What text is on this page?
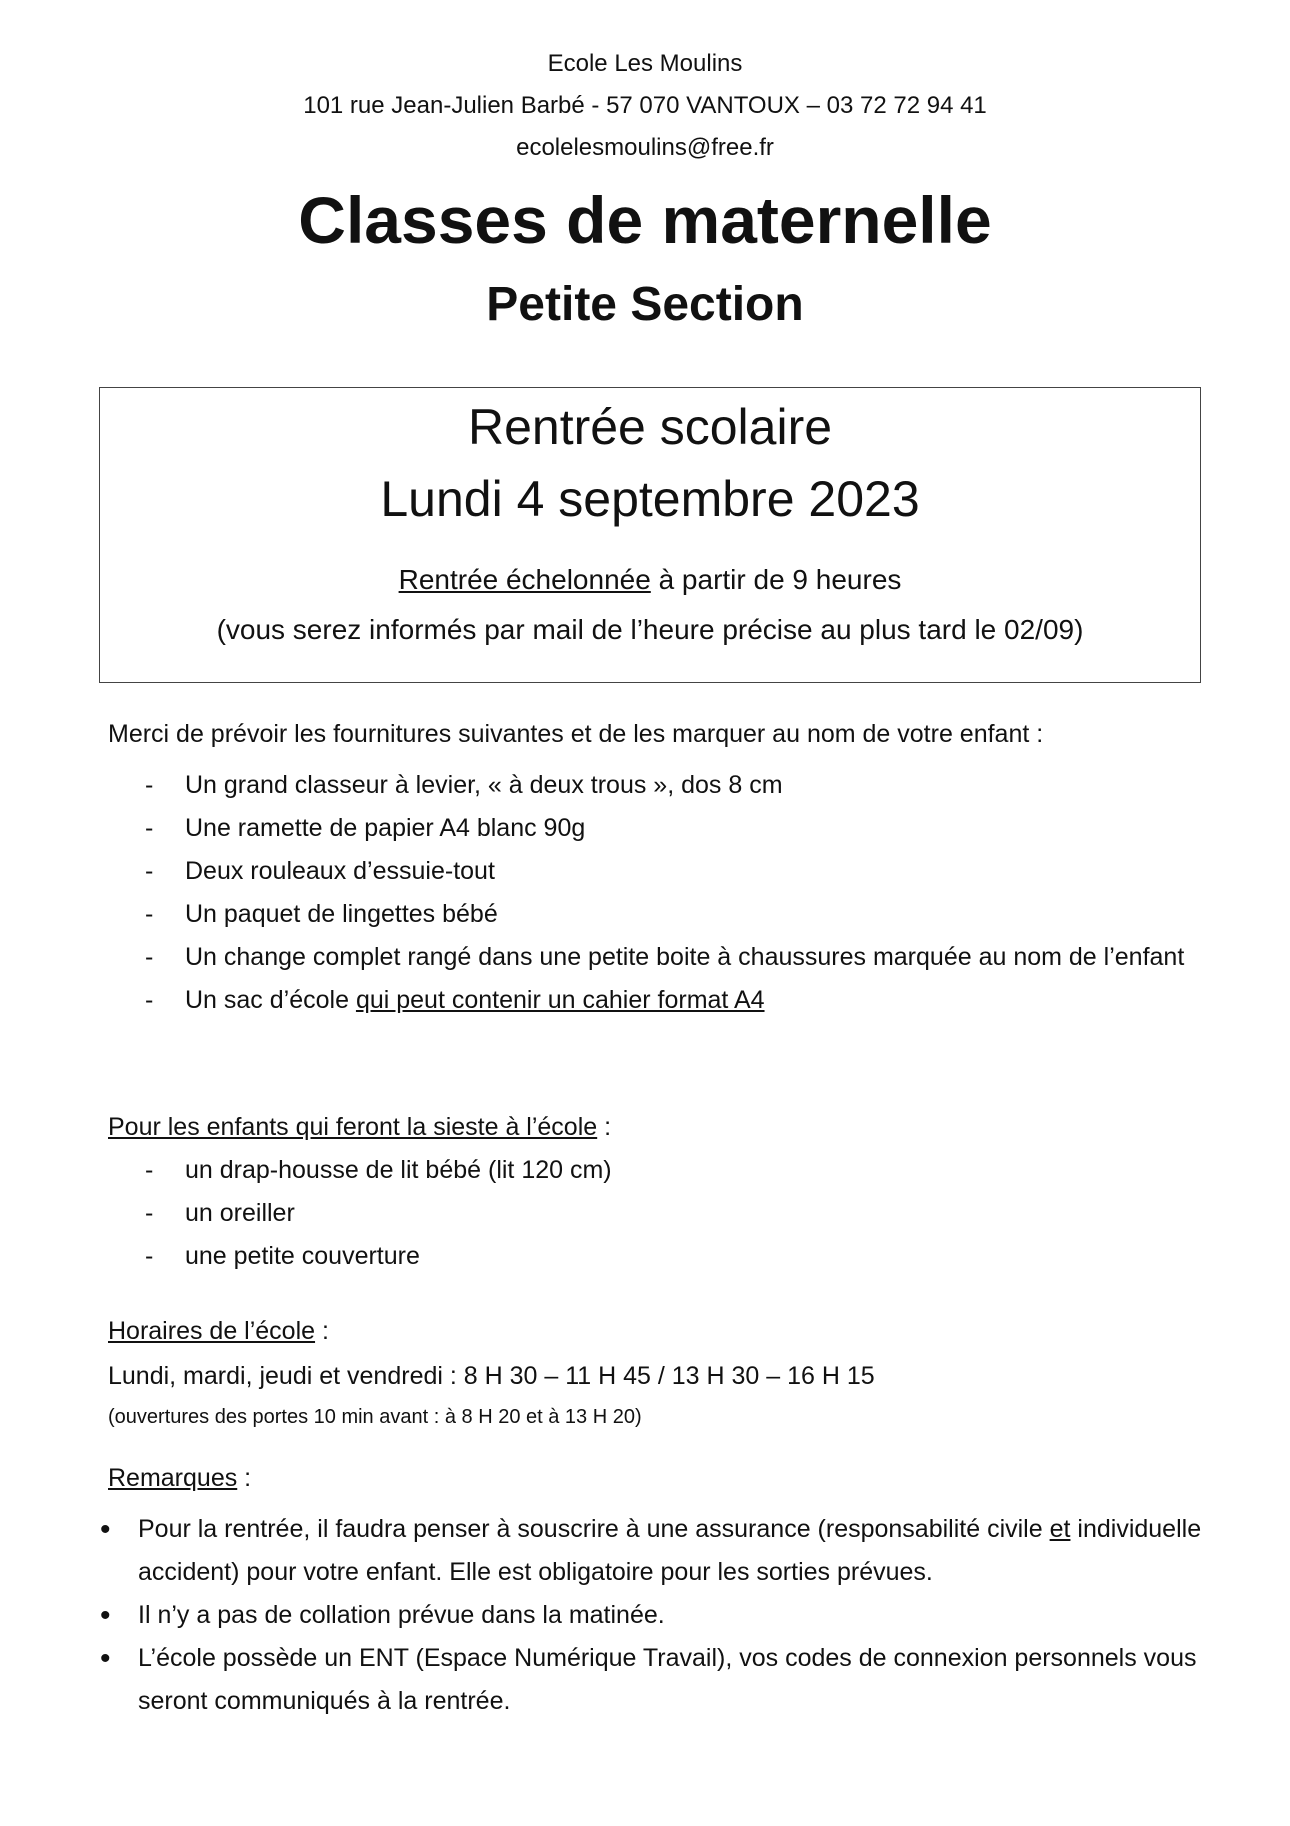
Ecole Les Moulins
101 rue Jean-Julien Barbé - 57 070 VANTOUX – 03 72 72 94 41
ecolelesmoulins@free.fr
Classes de maternelle
Petite Section
Rentrée scolaire
Lundi 4 septembre 2023
Rentrée échelonnée à partir de 9 heures
(vous serez informés par mail de l’heure précise au plus tard le 02/09)
Merci de prévoir les fournitures suivantes et de les marquer au nom de votre enfant :
- Un grand classeur à levier, « à deux trous », dos 8 cm
- Une ramette de papier A4 blanc 90g
- Deux rouleaux d’essuie-tout
- Un paquet de lingettes bébé
- Un change complet rangé dans une petite boite à chaussures marquée au nom de l’enfant
- Un sac d’école qui peut contenir un cahier format A4
Pour les enfants qui feront la sieste à l’école :
- un drap-housse de lit bébé (lit 120 cm)
- un oreiller
- une petite couverture
Horaires de l’école :
Lundi, mardi, jeudi et vendredi : 8 H 30 – 11 H 45 / 13 H 30 – 16 H 15
(ouvertures des portes 10 min avant : à 8 H 20 et à 13 H 20)
Remarques :
• Pour la rentrée, il faudra penser à souscrire à une assurance (responsabilité civile et individuelle accident) pour votre enfant. Elle est obligatoire pour les sorties prévues.
• Il n’y a pas de collation prévue dans la matinée.
• L’école possède un ENT (Espace Numérique Travail), vos codes de connexion personnels vous seront communiqués à la rentrée.
